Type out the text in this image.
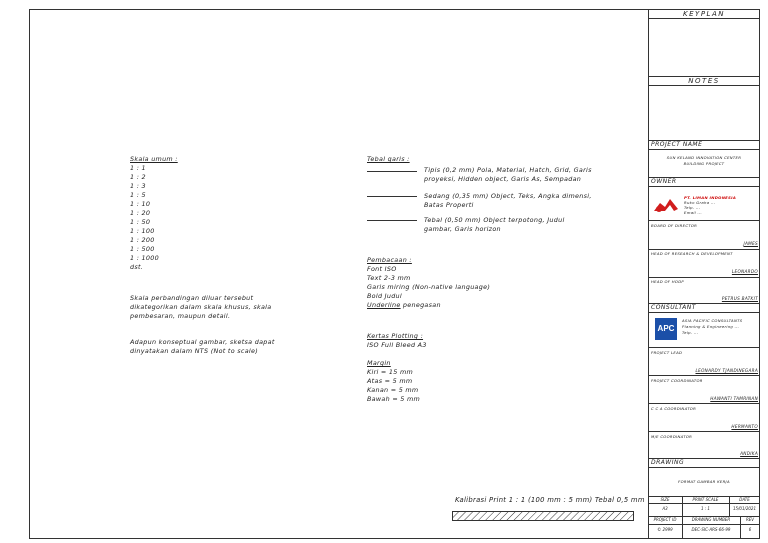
KEYPLAN
NOTES
PROJECT NAME
SUN KELAND INNOVATION CENTER
BUILDING PROJECT
OWNER
PT. LIMAN INDONESIA
Ruko Graha ...
Telp. ...
Email ...
BOARD OF DIRECTOR
JAMES
HEAD OF RESEARCH & DEVELOPMENT
LEONARDO
HEAD OF HODP
PETRUS BATKIT
CONSULTANT
APC
ASIA PACIFIC CONSULTANTS
Planning & Engineering ...
Telp. ...
PROJECT LEAD
LEONARDY TJANDINEGARA
PROJECT COORDINATOR
HAWANTI TAMRINAN
C C A COORDINATOR
HERMANTO
M/E COORDINATOR
ANDIKA
DRAWING
FORMAT GAMBAR KERJA
SIZE	PRINT SCALE	DATE
A3	1 : 1	15/01/2021
PROJECT ID	DRAWING NUMBER	REV
© 2999	DEC-SIC-ARS-66-99	6
Skala umum :
1 : 1
1 : 2
1 : 3
1 : 5
1 : 10
1 : 20
1 : 50
1 : 100
1 : 200
1 : 500
1 : 1000
dst.
Skala perbandingan diluar tersebut
dikategorikan dalam skala khusus, skala
pembesaran, maupun detail.
Adapun konseptual gambar, sketsa dapat
dinyatakan dalam NTS (Not to scale)
Tebal garis :
Tipis (0,2 mm) Pola, Material, Hatch, Grid, Garis
proyeksi, Hidden object, Garis As, Sempadan
Sedang (0,35 mm) Object, Teks, Angka dimensi,
Batas Properti
Tebal (0,50 mm) Object terpotong, Judul
gambar, Garis horizon
Pembacaan :
Font ISO
Text 2-3 mm
Garis miring (Non-native language)
Bold Judul
Underline penegasan
Kertas Plotting :
ISO Full Bleed A3
Margin
Kiri = 15 mm
Atas = 5 mm
Kanan = 5 mm
Bawah = 5 mm
Kalibrasi Print 1 : 1 (100 mm : 5 mm) Tebal 0,5 mm
